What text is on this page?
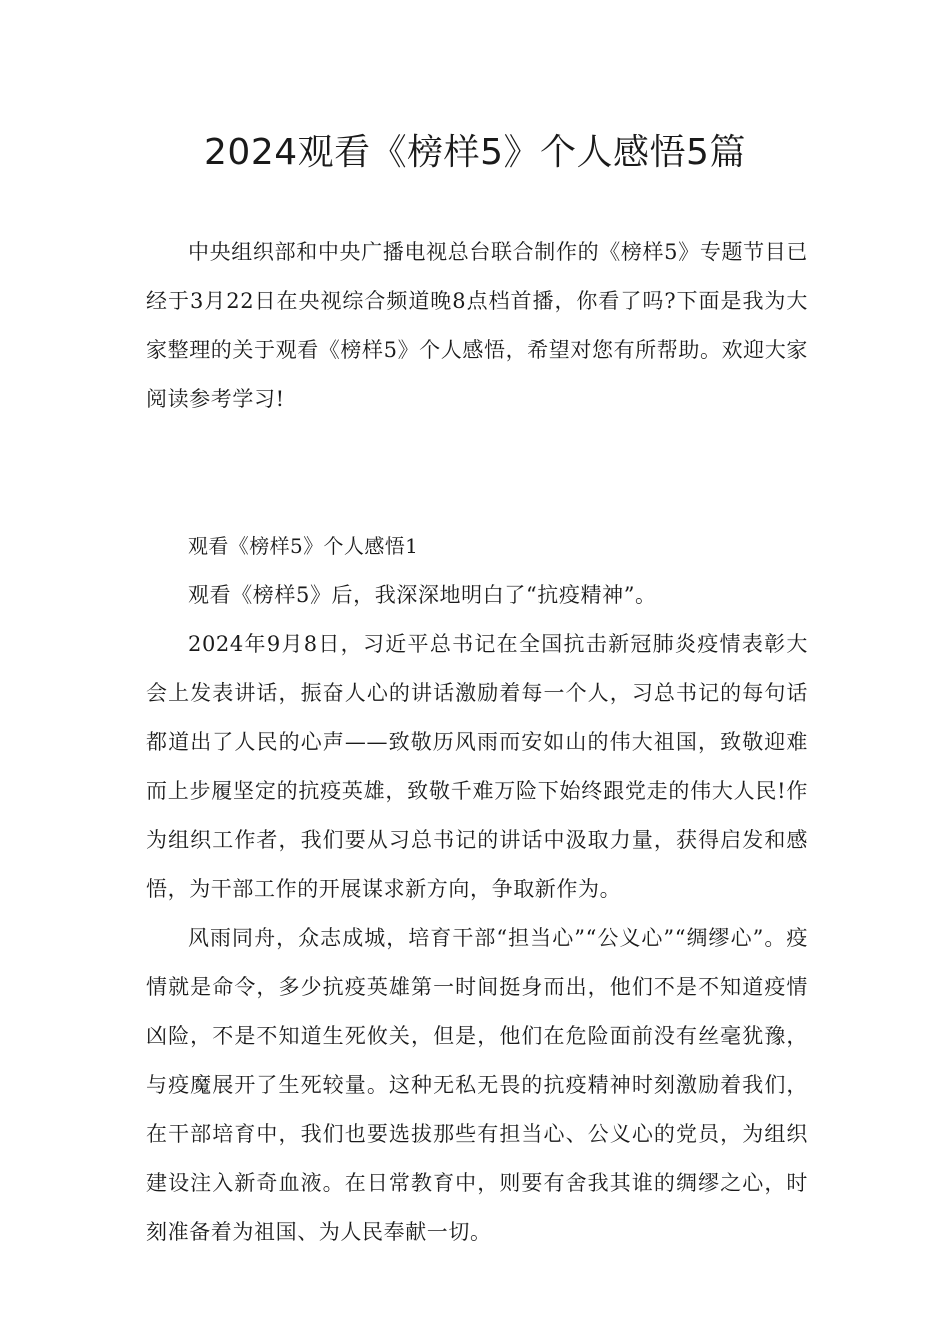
2024观看《榜样5》个人感悟5篇

中央组织部和中央广播电视总台联合制作的《榜样5》专题节目已经于3月22日在央视综合频道晚8点档首播，你看了吗?下面是我为大家整理的关于观看《榜样5》个人感悟，希望对您有所帮助。欢迎大家阅读参考学习!

观看《榜样5》个人感悟1

观看《榜样5》后，我深深地明白了“抗疫精神”。

2024年9月8日，习近平总书记在全国抗击新冠肺炎疫情表彰大会上发表讲话，振奋人心的讲话激励着每一个人，习总书记的每句话都道出了人民的心声——致敬历风雨而安如山的伟大祖国，致敬迎难而上步履坚定的抗疫英雄，致敬千难万险下始终跟党走的伟大人民!作为组织工作者，我们要从习总书记的讲话中汲取力量，获得启发和感悟，为干部工作的开展谋求新方向，争取新作为。

风雨同舟，众志成城，培育干部“担当心”“公义心”“绸缪心”。疫情就是命令，多少抗疫英雄第一时间挺身而出，他们不是不知道疫情凶险，不是不知道生死攸关，但是，他们在危险面前没有丝毫犹豫，与疫魔展开了生死较量。这种无私无畏的抗疫精神时刻激励着我们，在干部培育中，我们也要选拔那些有担当心、公义心的党员，为组织建设注入新奇血液。在日常教育中，则要有舍我其谁的绸缪之心，时刻准备着为祖国、为人民奉献一切。
